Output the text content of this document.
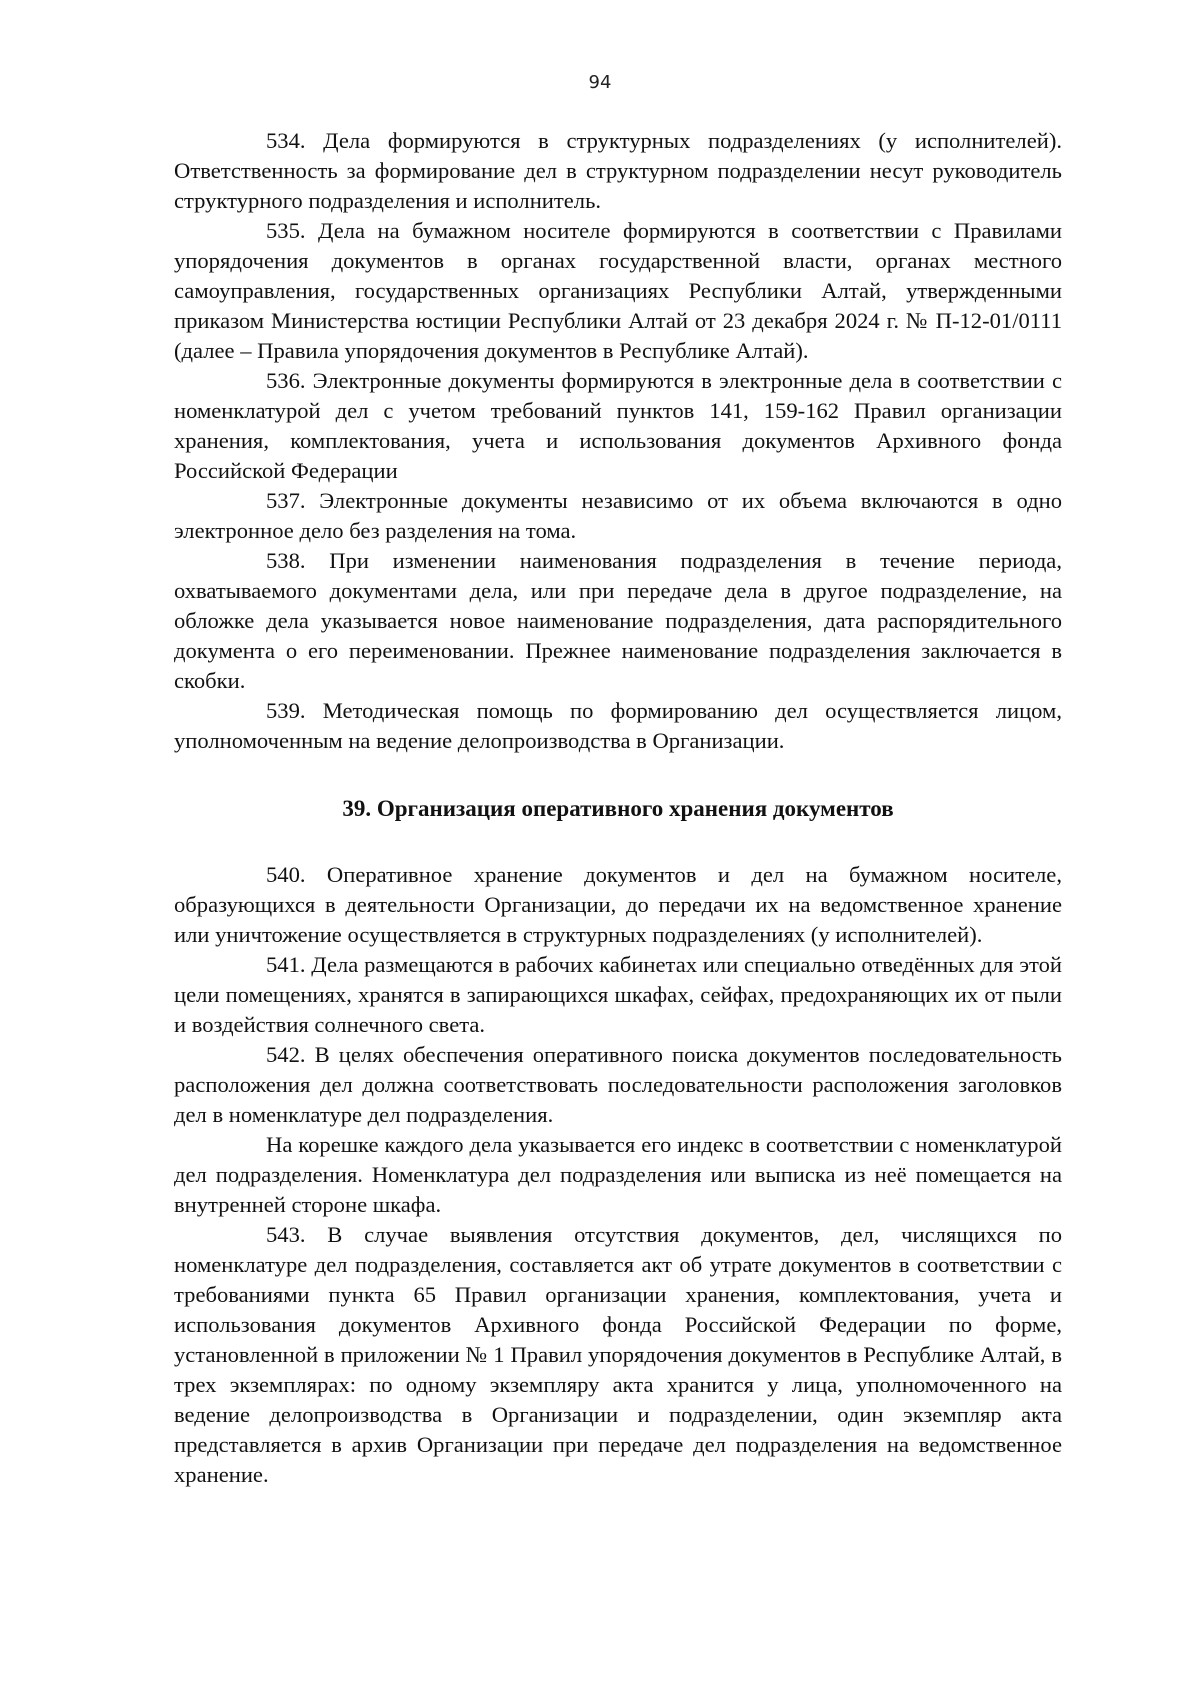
94

534. Дела формируются в структурных подразделениях (у исполнителей). Ответственность за формирование дел в структурном подразделении несут руководитель структурного подразделения и исполнитель.

535. Дела на бумажном носителе формируются в соответствии с Правилами упорядочения документов в органах государственной власти, органах местного самоуправления, государственных организациях Республики Алтай, утвержденными приказом Министерства юстиции Республики Алтай от 23 декабря 2024 г. № П-12-01/0111 (далее – Правила упорядочения документов в Республике Алтай).

536. Электронные документы формируются в электронные дела в соответствии с номенклатурой дел с учетом требований пунктов 141, 159-162 Правил организации хранения, комплектования, учета и использования документов Архивного фонда Российской Федерации

537. Электронные документы независимо от их объема включаются в одно электронное дело без разделения на тома.

538. При изменении наименования подразделения в течение периода, охватываемого документами дела, или при передаче дела в другое подразделение, на обложке дела указывается новое наименование подразделения, дата распорядительного документа о его переименовании. Прежнее наименование подразделения заключается в скобки.

539. Методическая помощь по формированию дел осуществляется лицом, уполномоченным на ведение делопроизводства в Организации.

39. Организация оперативного хранения документов

540. Оперативное хранение документов и дел на бумажном носителе, образующихся в деятельности Организации, до передачи их на ведомственное хранение или уничтожение осуществляется в структурных подразделениях (у исполнителей).

541. Дела размещаются в рабочих кабинетах или специально отведённых для этой цели помещениях, хранятся в запирающихся шкафах, сейфах, предохраняющих их от пыли и воздействия солнечного света.

542. В целях обеспечения оперативного поиска документов последовательность расположения дел должна соответствовать последовательности расположения заголовков дел в номенклатуре дел подразделения.

На корешке каждого дела указывается его индекс в соответствии с номенклатурой дел подразделения. Номенклатура дел подразделения или выписка из неё помещается на внутренней стороне шкафа.

543. В случае выявления отсутствия документов, дел, числящихся по номенклатуре дел подразделения, составляется акт об утрате документов в соответствии с требованиями пункта 65 Правил организации хранения, комплектования, учета и использования документов Архивного фонда Российской Федерации по форме, установленной в приложении № 1 Правил упорядочения документов в Республике Алтай, в трех экземплярах: по одному экземпляру акта хранится у лица, уполномоченного на ведение делопроизводства в Организации и подразделении, один экземпляр акта представляется в архив Организации при передаче дел подразделения на ведомственное хранение.
